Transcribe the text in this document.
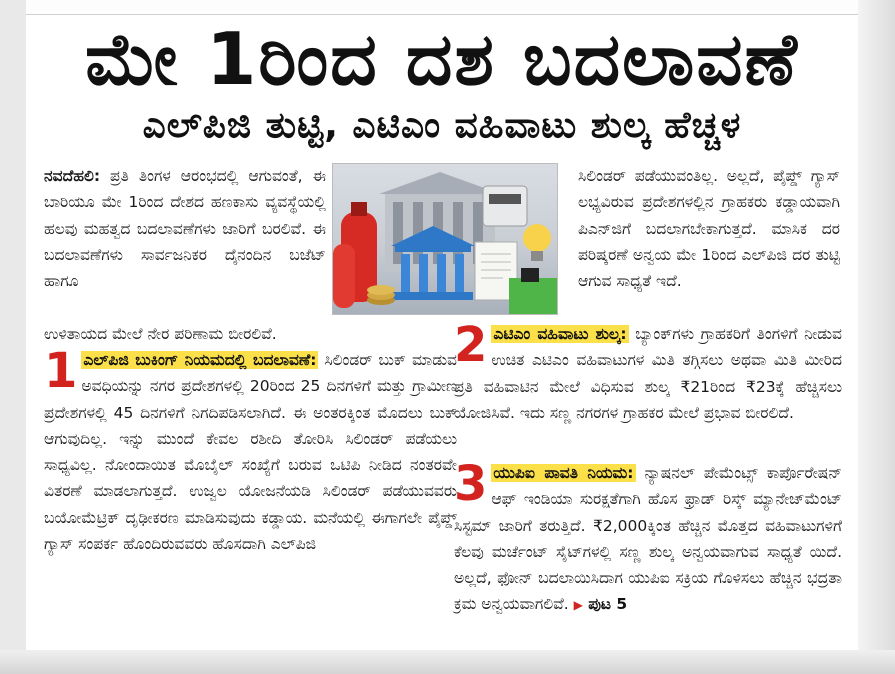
ಮೇ 1ರಿಂದ ದಶ ಬದಲಾವಣೆ
ಎಲ್‌ಪಿಜಿ ತುಟ್ಟಿ, ಎಟಿಎಂ ವಹಿವಾಟು ಶುಲ್ಕ ಹೆಚ್ಚಳ
ನವದೆಹಲಿ: ಪ್ರತಿ ತಿಂಗಳ ಆರಂಭದಲ್ಲಿ ಆಗುವಂತೆ, ಈ ಬಾರಿಯೂ ಮೇ 1ರಿಂದ ದೇಶದ ಹಣಕಾಸು ವ್ಯವಸ್ಥೆಯಲ್ಲಿ ಹಲವು ಮಹತ್ವದ ಬದಲಾವಣೆಗಳು ಜಾರಿಗೆ ಬರಲಿವೆ. ಈ ಬದಲಾವಣೆಗಳು ಸಾರ್ವಜನಿಕರ ದೈನಂದಿನ ಬಜೆಟ್ ಹಾಗೂ
ಸಿಲಿಂಡರ್ ಪಡೆಯುವಂತಿಲ್ಲ. ಅಲ್ಲದೆ, ಪೈಪ್ಡ್ ಗ್ಯಾಸ್ ಲಭ್ಯವಿರುವ ಪ್ರದೇಶಗಳಲ್ಲಿನ ಗ್ರಾಹಕರು ಕಡ್ಡಾಯವಾಗಿ ಪಿಎನ್‌ಜಿಗೆ ಬದಲಾಗಬೇಕಾಗುತ್ತದೆ. ಮಾಸಿಕ ದರ ಪರಿಷ್ಕರಣೆ ಅನ್ವಯ ಮೇ 1ರಿಂದ ಎಲ್‌ಪಿಜಿ ದರ ತುಟ್ಟಿ ಆಗುವ ಸಾಧ್ಯತೆ ಇದೆ.
ಉಳಿತಾಯದ ಮೇಲೆ ನೇರ ಪರಿಣಾಮ ಬೀರಲಿವೆ.
1 ಎಲ್‌ಪಿಜಿ ಬುಕಿಂಗ್ ನಿಯಮದಲ್ಲಿ ಬದಲಾವಣೆ: ಸಿಲಿಂಡರ್ ಬುಕ್ ಮಾಡುವ ಅವಧಿಯನ್ನು ನಗರ ಪ್ರದೇಶಗಳಲ್ಲಿ 20ರಿಂದ 25 ದಿನಗಳಿಗೆ ಮತ್ತು ಗ್ರಾಮೀಣ ಪ್ರದೇಶಗಳಲ್ಲಿ 45 ದಿನಗಳಿಗೆ ನಿಗದಿಪಡಿಸಲಾಗಿದೆ. ಈ ಅಂತರಕ್ಕಿಂತ ಮೊದಲು ಬುಕ್ ಆಗುವುದಿಲ್ಲ. ಇನ್ನು ಮುಂದೆ ಕೇವಲ ರಶೀದಿ ತೋರಿಸಿ ಸಿಲಿಂಡರ್ ಪಡೆಯಲು ಸಾಧ್ಯವಿಲ್ಲ. ನೋಂದಾಯಿತ ಮೊಬೈಲ್ ಸಂಖ್ಯೆಗೆ ಬರುವ ಒಟಿಪಿ ನೀಡಿದ ನಂತರವೇ ವಿತರಣೆ ಮಾಡಲಾಗುತ್ತದೆ. ಉಜ್ವಲ ಯೋಜನೆಯಡಿ ಸಿಲಿಂಡರ್ ಪಡೆಯುವವರು ಬಯೋಮೆಟ್ರಿಕ್ ದೃಢೀಕರಣ ಮಾಡಿಸುವುದು ಕಡ್ಡಾಯ. ಮನೆಯಲ್ಲಿ ಈಗಾಗಲೇ ಪೈಪ್ಡ್ ಗ್ಯಾಸ್ ಸಂಪರ್ಕ ಹೊಂದಿರುವವರು ಹೊಸದಾಗಿ ಎಲ್‌ಪಿಜಿ
2 ಎಟಿಎಂ ವಹಿವಾಟು ಶುಲ್ಕ: ಬ್ಯಾಂಕ್‌ಗಳು ಗ್ರಾಹಕರಿಗೆ ತಿಂಗಳಿಗೆ ನೀಡುವ ಉಚಿತ ಎಟಿಎಂ ವಹಿವಾಟುಗಳ ಮಿತಿ ತಗ್ಗಿಸಲು ಅಥವಾ ಮಿತಿ ಮೀರಿದ ಪ್ರತಿ ವಹಿವಾಟಿನ ಮೇಲೆ ವಿಧಿಸುವ ಶುಲ್ಕ ₹21ರಿಂದ ₹23ಕ್ಕೆ ಹೆಚ್ಚಿಸಲು ಯೋಜಿಸಿವೆ. ಇದು ಸಣ್ಣ ನಗರಗಳ ಗ್ರಾಹಕರ ಮೇಲೆ ಪ್ರಭಾವ ಬೀರಲಿದೆ.
3 ಯುಪಿಐ ಪಾವತಿ ನಿಯಮ: ನ್ಯಾಷನಲ್ ಪೇಮೆಂಟ್ಸ್ ಕಾರ್ಪೊರೇಷನ್ ಆಫ್ ಇಂಡಿಯಾ ಸುರಕ್ಷತೆಗಾಗಿ ಹೊಸ ಫ್ರಾಡ್ ರಿಸ್ಕ್ ಮ್ಯಾನೇಜ್‌ಮೆಂಟ್ ಸಿಸ್ಟಮ್ ಜಾರಿಗೆ ತರುತ್ತಿದೆ. ₹2,000ಕ್ಕಿಂತ ಹೆಚ್ಚಿನ ಮೊತ್ತದ ವಹಿವಾಟುಗಳಿಗೆ ಕೆಲವು ಮರ್ಚೆಂಟ್ ಸೈಟ್‌ಗಳಲ್ಲಿ ಸಣ್ಣ ಶುಲ್ಕ ಅನ್ವಯವಾಗುವ ಸಾಧ್ಯತೆ ಯಿದೆ. ಅಲ್ಲದೆ, ಫೋನ್ ಬದಲಾಯಿಸಿದಾಗ ಯುಪಿಐ ಸಕ್ರಿಯ ಗೊಳಿಸಲು ಹೆಚ್ಚಿನ ಭದ್ರತಾ ಕ್ರಮ ಅನ್ವಯವಾಗಲಿವೆ. ▶ ಪುಟ 5
